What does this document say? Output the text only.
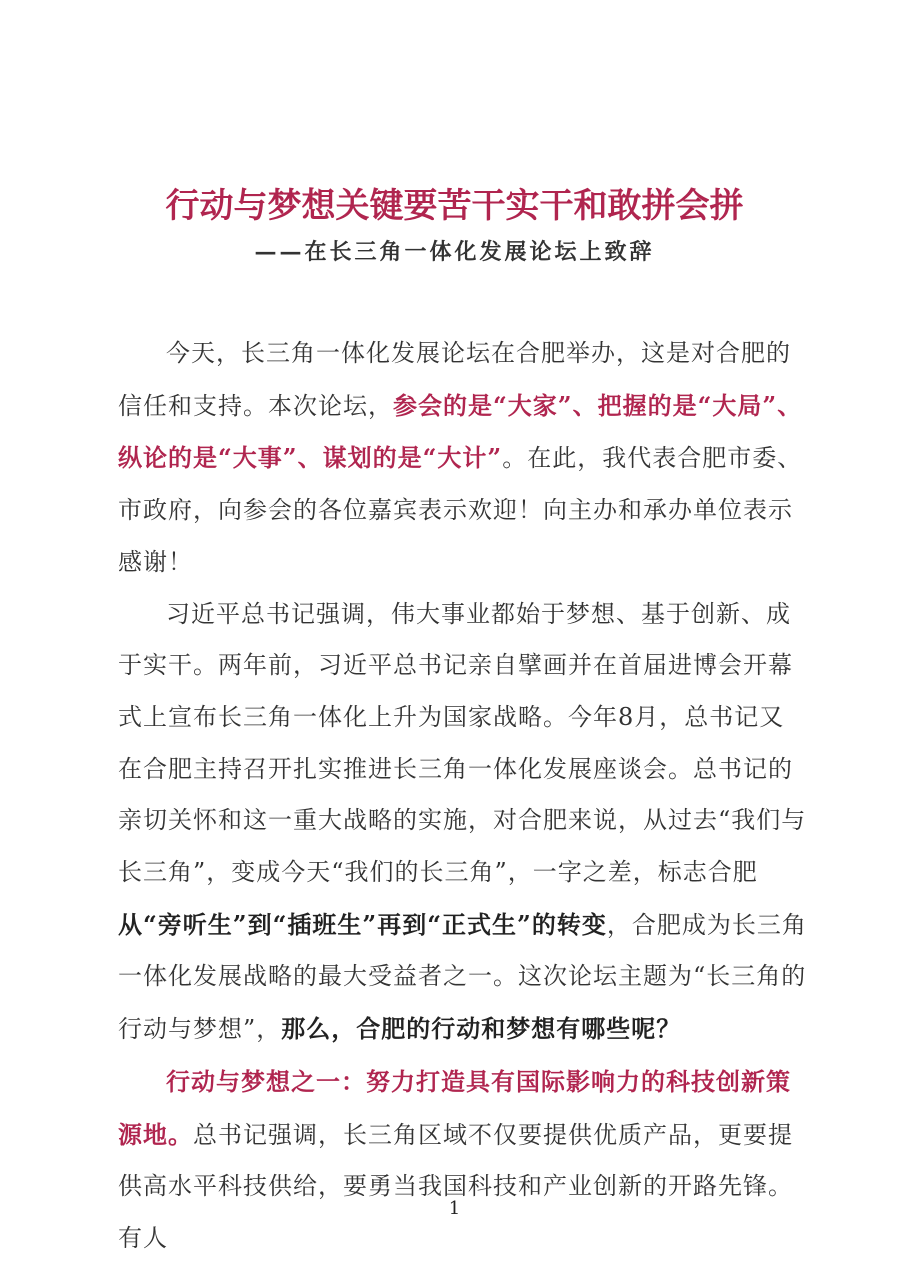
行动与梦想关键要苦干实干和敢拼会拼
——在长三角一体化发展论坛上致辞

今天，长三角一体化发展论坛在合肥举办，这是对合肥的信任和支持。本次论坛，参会的是“大家”、把握的是“大局”、纵论的是“大事”、谋划的是“大计”。在此，我代表合肥市委、市政府，向参会的各位嘉宾表示欢迎！向主办和承办单位表示感谢！

习近平总书记强调，伟大事业都始于梦想、基于创新、成于实干。两年前，习近平总书记亲自擘画并在首届进博会开幕式上宣布长三角一体化上升为国家战略。今年8月，总书记又在合肥主持召开扎实推进长三角一体化发展座谈会。总书记的亲切关怀和这一重大战略的实施，对合肥来说，从过去“我们与长三角”，变成今天“我们的长三角”，一字之差，标志合肥从“旁听生”到“插班生”再到“正式生”的转变，合肥成为长三角一体化发展战略的最大受益者之一。这次论坛主题为“长三角的行动与梦想”，那么，合肥的行动和梦想有哪些呢？

行动与梦想之一：努力打造具有国际影响力的科技创新策源地。总书记强调，长三角区域不仅要提供优质产品，更要提供高水平科技供给，要勇当我国科技和产业创新的开路先锋。有人

1
